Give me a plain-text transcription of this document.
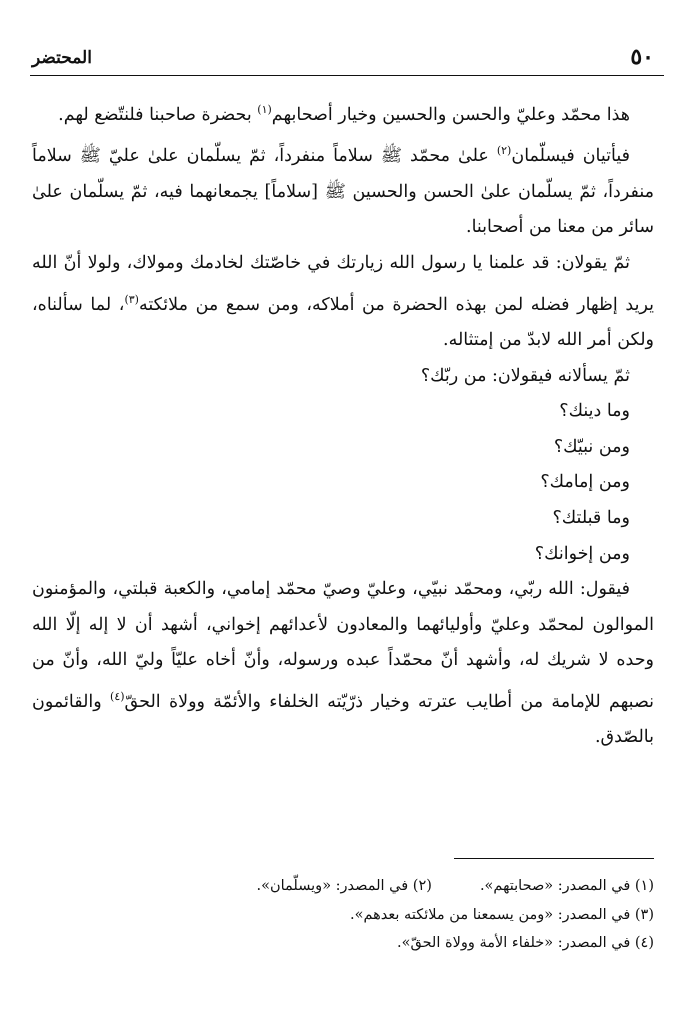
٥٠
المحتضر

هذا محمّد وعليّ والحسن والحسين وخيار أصحابهم$^{(١)}$ بحضرة صاحبنا فلنتّضع لهم.

فيأتيان فيسلّمان$^{(٢)}$ علىٰ محمّد ﷺ سلاماً منفرداً، ثمّ يسلّمان علىٰ عليّ ﷺ سلاماً منفرداً، ثمّ يسلّمان علىٰ الحسن والحسين ﷺ [سلاماً] يجمعانهما فيه، ثمّ يسلّمان علىٰ سائر من معنا من أصحابنا.

ثمّ يقولان: قد علمنا يا رسول الله زيارتك في خاصّتك لخادمك ومولاك، ولولا أنّ الله يريد إظهار فضله لمن بهذه الحضرة من أملاكه، ومن سمع من ملائكته$^{(٣)}$، لما سألناه، ولكن أمر الله لابدّ من إمتثاله.

ثمّ يسألانه فيقولان: من ربّك؟

وما دينك؟

ومن نبيّك؟

ومن إمامك؟

وما قبلتك؟

ومن إخوانك؟

فيقول: الله ربّي، ومحمّد نبيّي، وعليّ وصيّ محمّد إمامي، والكعبة قبلتي، والمؤمنون الموالون لمحمّد وعليّ وأوليائهما والمعادون لأعدائهم إخواني، أشهد أن لا إله إلّا الله وحده لا شريك له، وأشهد أنّ محمّداً عبده ورسوله، وأنّ أخاه عليّاً وليّ الله، وأنّ من نصبهم للإمامة من أطايب عترته وخيار ذرّيّته الخلفاء والأئمّة وولاة الحقّ$^{(٤)}$ والقائمون بالصّدق.

(١) في المصدر: «صحابتهم».
(٢) في المصدر: «ويسلّمان».

(٣) في المصدر: «ومن يسمعنا من ملائكته بعدهم».

(٤) في المصدر: «خلفاء الأمة وولاة الحقّ».
